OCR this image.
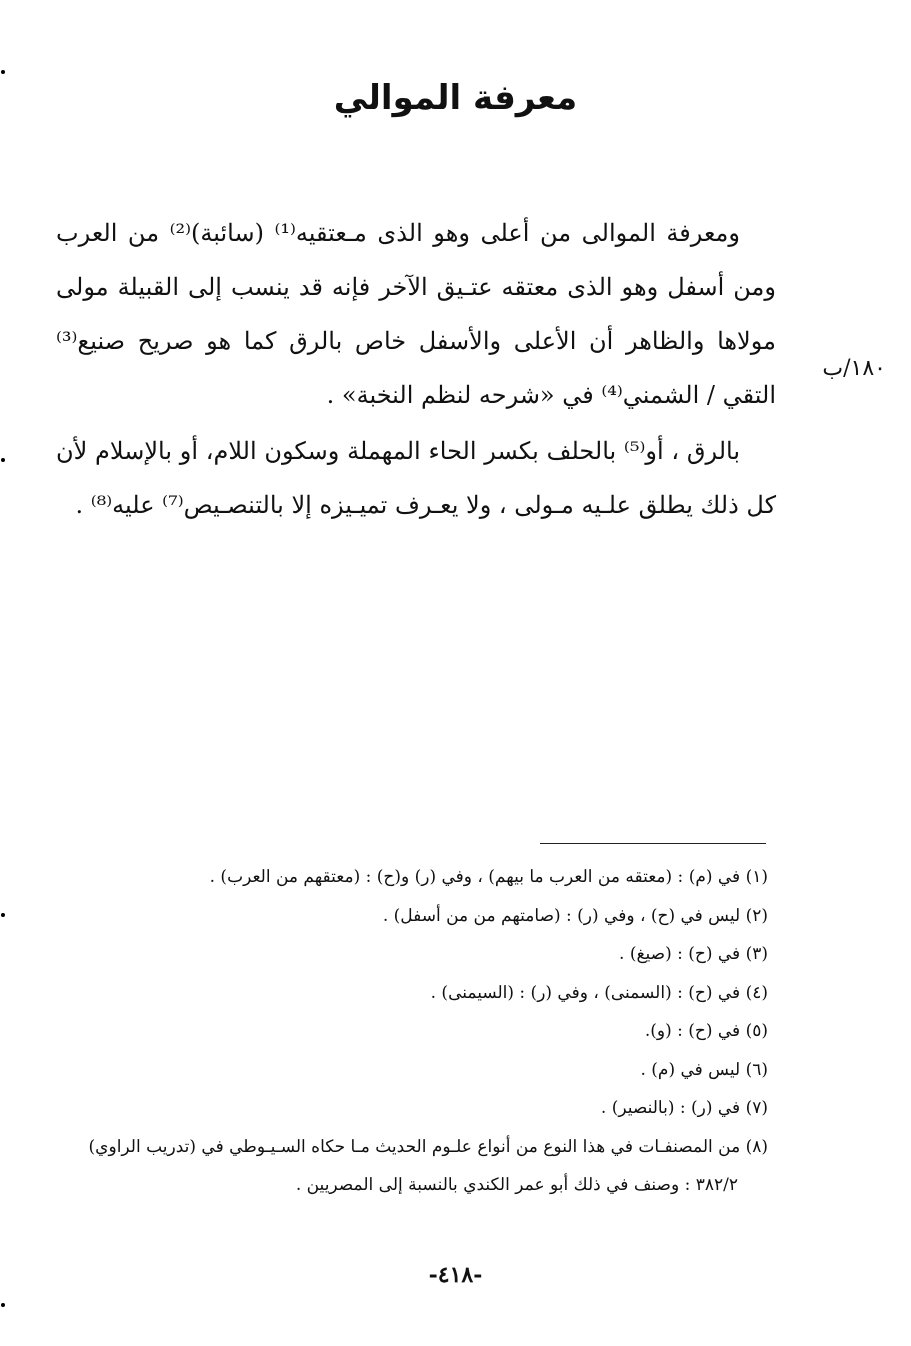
معرفة الموالي

ومعرفة الموالى من أعلى وهو الذى مـعتقيه⁽¹⁾ (سائبة)⁽²⁾ من العرب ومن أسفل وهو الذى معتقه عتـيق الآخر فإنه قد ينسب إلى القبيلة مولى مولاها والظاهر أن الأعلى والأسفل خاص بالرق كما هو صريح صنيع⁽³⁾ التقي / الشمني⁽⁴⁾ في «شرحه لنظم النخبة» .

١٨٠/ب

بالرق ، أو⁽⁵⁾ بالحلف بكسر الحاء المهملة وسكون اللام، أو بالإسلام لأن كل ذلك يطلق علـيه مـولى ، ولا يعـرف تميـيزه إلا بالتنصـيص⁽⁷⁾ عليه⁽⁸⁾ .

(١) في (م) : (معتقه من العرب ما بيهم) ، وفي (ر) و(ح) : (معتقهم من العرب) .
(٢) ليس في (ح) ، وفي (ر) : (صامتهم من من أسفل) .
(٣) في (ح) : (صيغ) .
(٤) في (ح) : (السمنى) ، وفي (ر) : (السيمنى) .
(٥) في (ح) : (و).
(٦) ليس في (م) .
(٧) في (ر) : (بالنصير) .
(٨) من المصنفـات في هذا النوع من أنواع علـوم الحديث مـا حكاه السـيـوطي في (تدريب الراوي)
٣٨٢/٢ : وصنف في ذلك أبو عمر الكندي بالنسبة إلى المصريين .
-٤١٨-
